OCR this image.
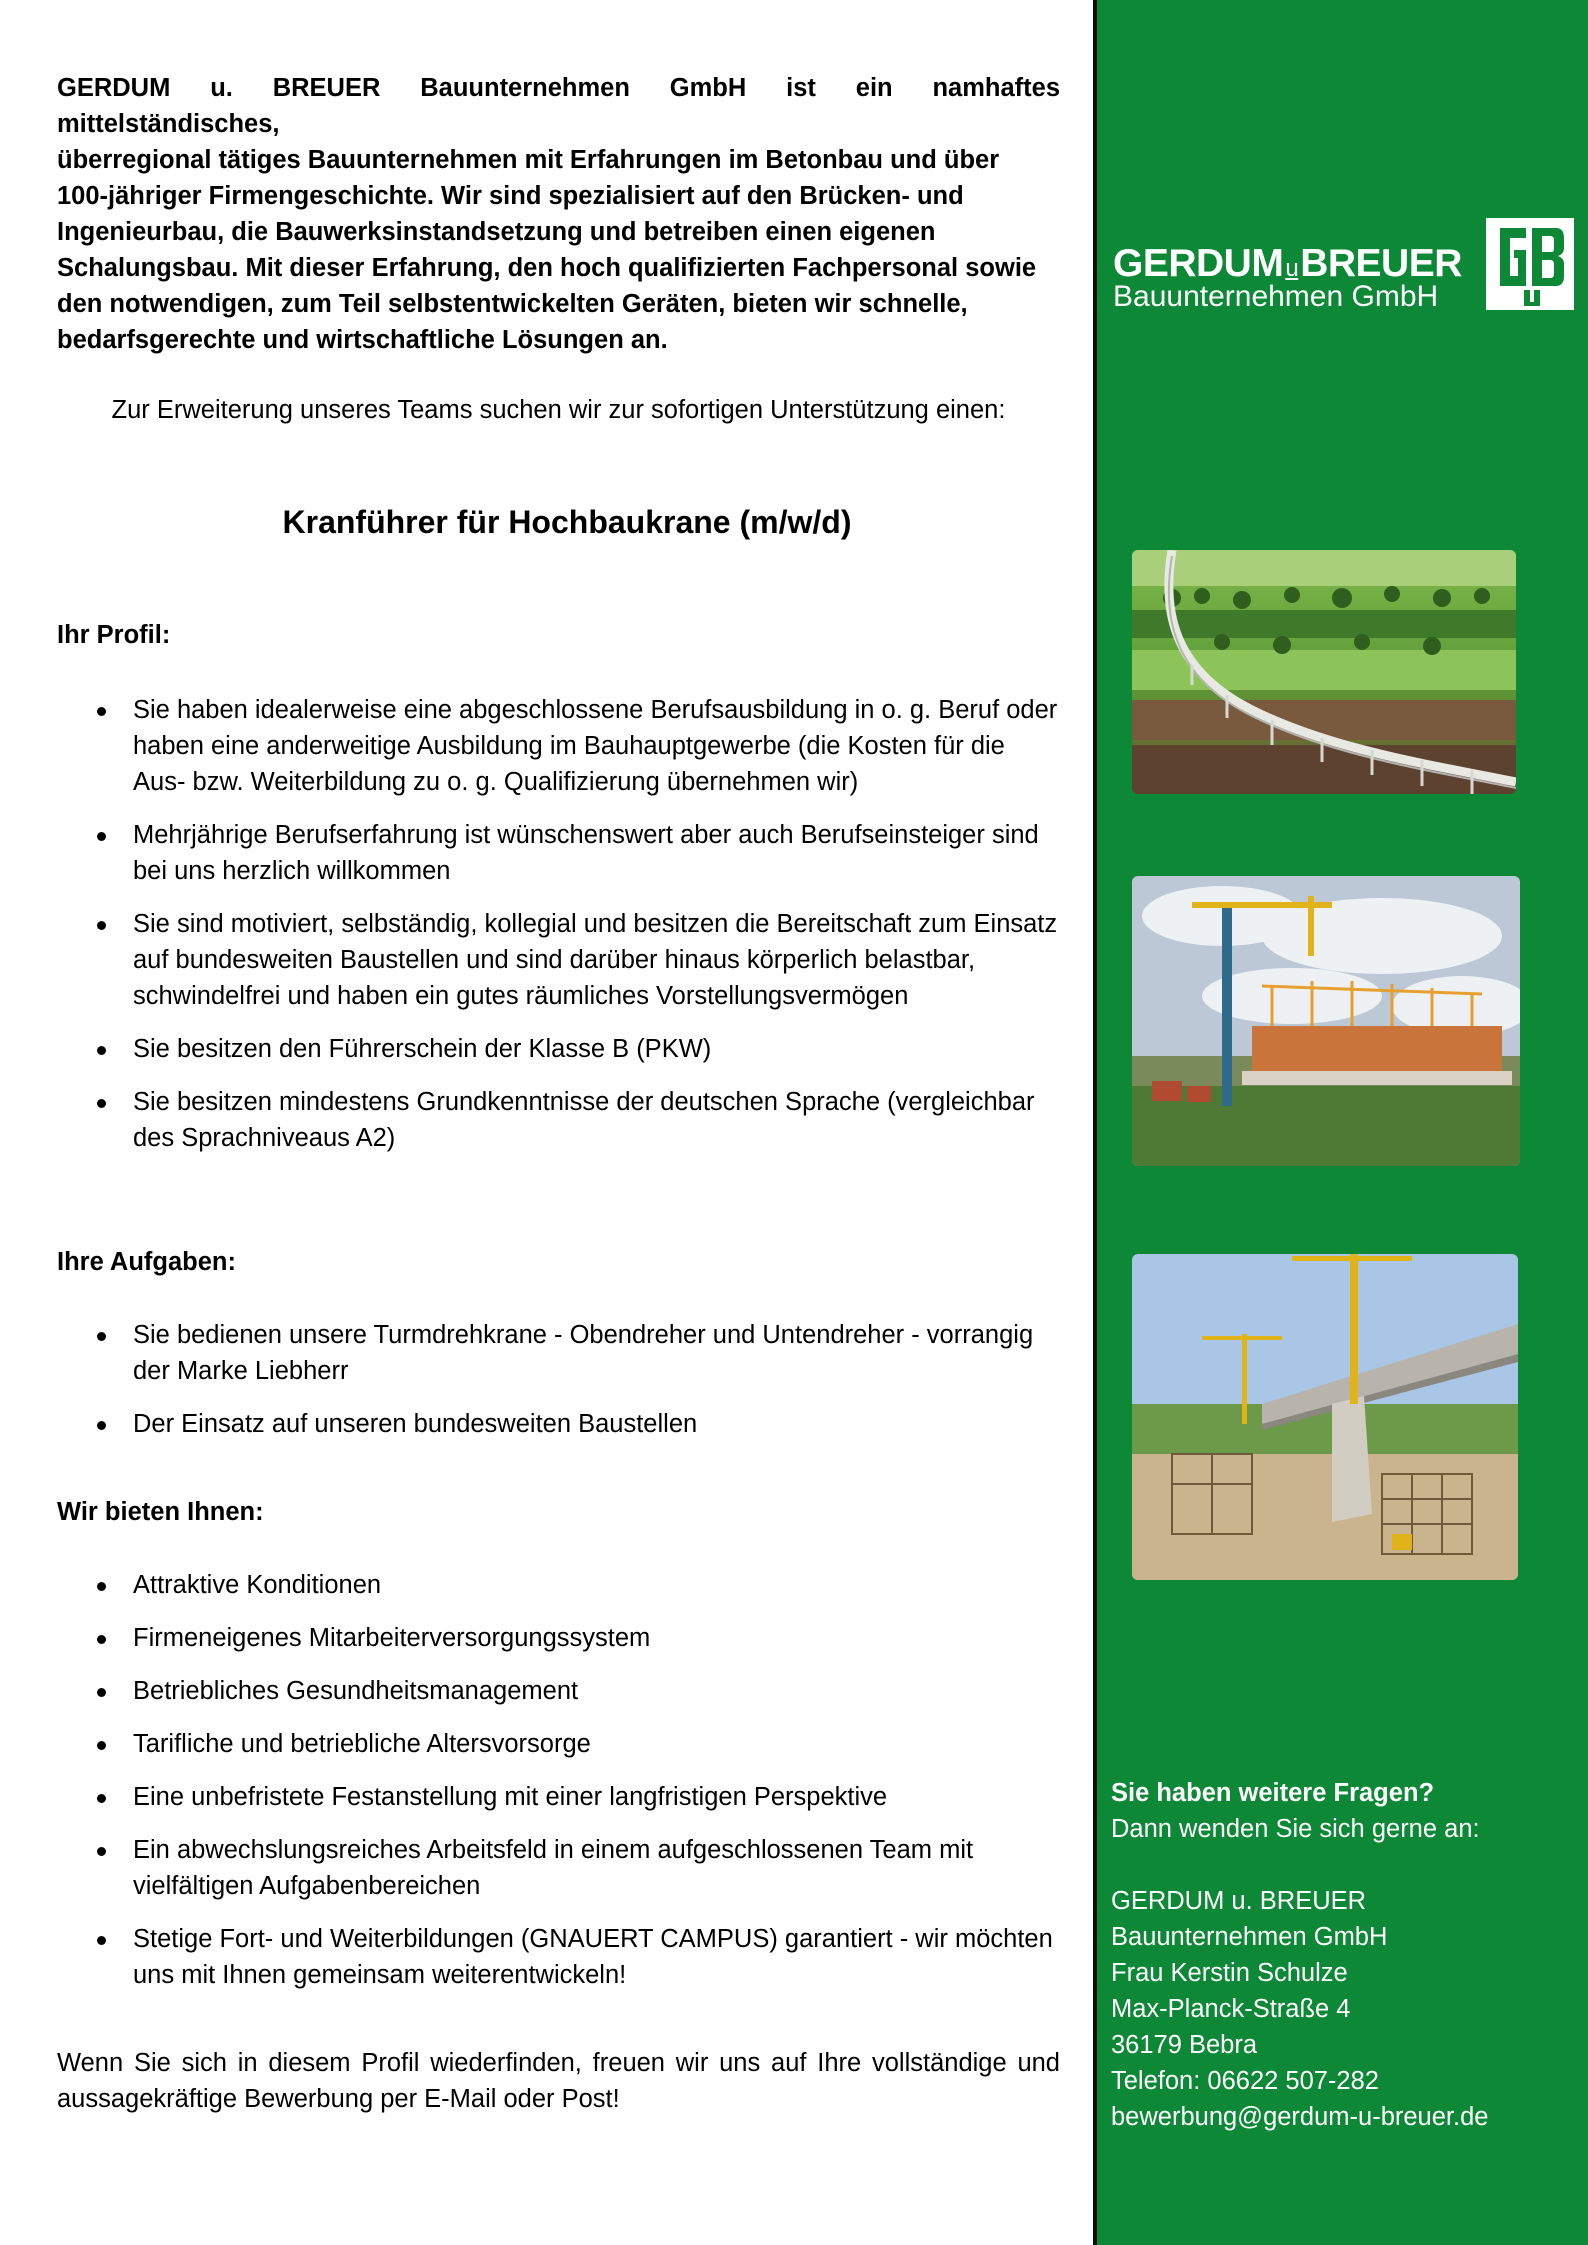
GERDUM u. BREUER Bauunternehmen GmbH ist ein namhaftes mittelständisches,
überregional tätiges Bauunternehmen mit Erfahrungen im Betonbau und über
100-jähriger Firmengeschichte. Wir sind spezialisiert auf den Brücken- und
Ingenieurbau, die Bauwerksinstandsetzung und betreiben einen eigenen
Schalungsbau. Mit dieser Erfahrung, den hoch qualifizierten Fachpersonal sowie
den notwendigen, zum Teil selbstentwickelten Geräten, bieten wir schnelle,
bedarfsgerechte und wirtschaftliche Lösungen an.
Zur Erweiterung unseres Teams suchen wir zur sofortigen Unterstützung einen:
Kranführer für Hochbaukrane (m/w/d)
Ihr Profil:
Sie haben idealerweise eine abgeschlossene Berufsausbildung in o. g. Beruf oder haben eine anderweitige Ausbildung im Bauhauptgewerbe (die Kosten für die Aus- bzw. Weiterbildung zu o. g. Qualifizierung übernehmen wir)
Mehrjährige Berufserfahrung ist wünschenswert aber auch Berufseinsteiger sind bei uns herzlich willkommen
Sie sind motiviert, selbständig, kollegial und besitzen die Bereitschaft zum Einsatz auf bundesweiten Baustellen und sind darüber hinaus körperlich belastbar, schwindelfrei und haben ein gutes räumliches Vorstellungsvermögen
Sie besitzen den Führerschein der Klasse B (PKW)
Sie besitzen mindestens Grundkenntnisse der deutschen Sprache (vergleichbar des Sprachniveaus A2)
Ihre Aufgaben:
Sie bedienen unsere Turmdrehkrane - Obendreher und Untendreher - vorrangig der Marke Liebherr
Der Einsatz auf unseren bundesweiten Baustellen
Wir bieten Ihnen:
Attraktive Konditionen
Firmeneigenes Mitarbeiterversorgungssystem
Betriebliches Gesundheitsmanagement
Tarifliche und betriebliche Altersvorsorge
Eine unbefristete Festanstellung mit einer langfristigen Perspektive
Ein abwechslungsreiches Arbeitsfeld in einem aufgeschlossenen Team mit vielfältigen Aufgabenbereichen
Stetige Fort- und Weiterbildungen (GNAUERT CAMPUS) garantiert - wir möchten uns mit Ihnen gemeinsam weiterentwickeln!
Wenn Sie sich in diesem Profil wiederfinden, freuen wir uns auf Ihre vollständige und aussagekräftige Bewerbung per E-Mail oder Post!
GERDUMuBREUER
Bauunternehmen GmbH
Sie haben weitere Fragen?
Dann wenden Sie sich gerne an:
GERDUM u. BREUER
Bauunternehmen GmbH
Frau Kerstin Schulze
Max-Planck-Straße 4
36179 Bebra
Telefon: 06622 507-282
bewerbung@gerdum-u-breuer.de
